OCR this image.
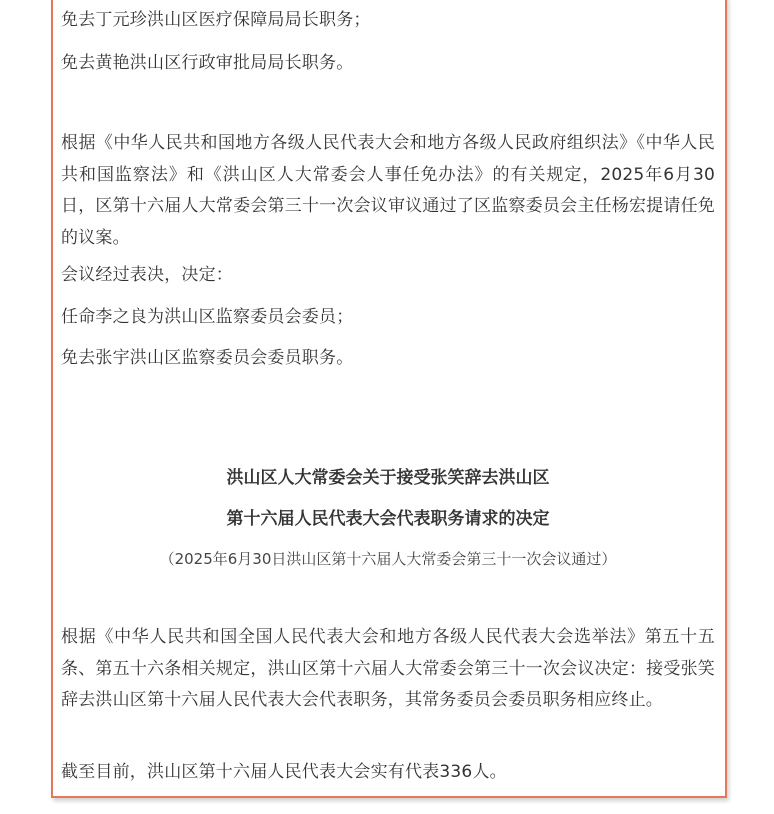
免去丁元珍洪山区医疗保障局局长职务；

免去黄艳洪山区行政审批局局长职务。

根据《中华人民共和国地方各级人民代表大会和地方各级人民政府组织法》《中华人民共和国监察法》和《洪山区人大常委会人事任免办法》的有关规定，2025年6月30日，区第十六届人大常委会第三十一次会议审议通过了区监察委员会主任杨宏提请任免的议案。

会议经过表决，决定：

任命李之良为洪山区监察委员会委员；

免去张宇洪山区监察委员会委员职务。

洪山区人大常委会关于接受张笑辞去洪山区
第十六届人民代表大会代表职务请求的决定
（2025年6月30日洪山区第十六届人大常委会第三十一次会议通过）

根据《中华人民共和国全国人民代表大会和地方各级人民代表大会选举法》第五十五条、第五十六条相关规定，洪山区第十六届人大常委会第三十一次会议决定：接受张笑辞去洪山区第十六届人民代表大会代表职务，其常务委员会委员职务相应终止。

截至目前，洪山区第十六届人民代表大会实有代表336人。
